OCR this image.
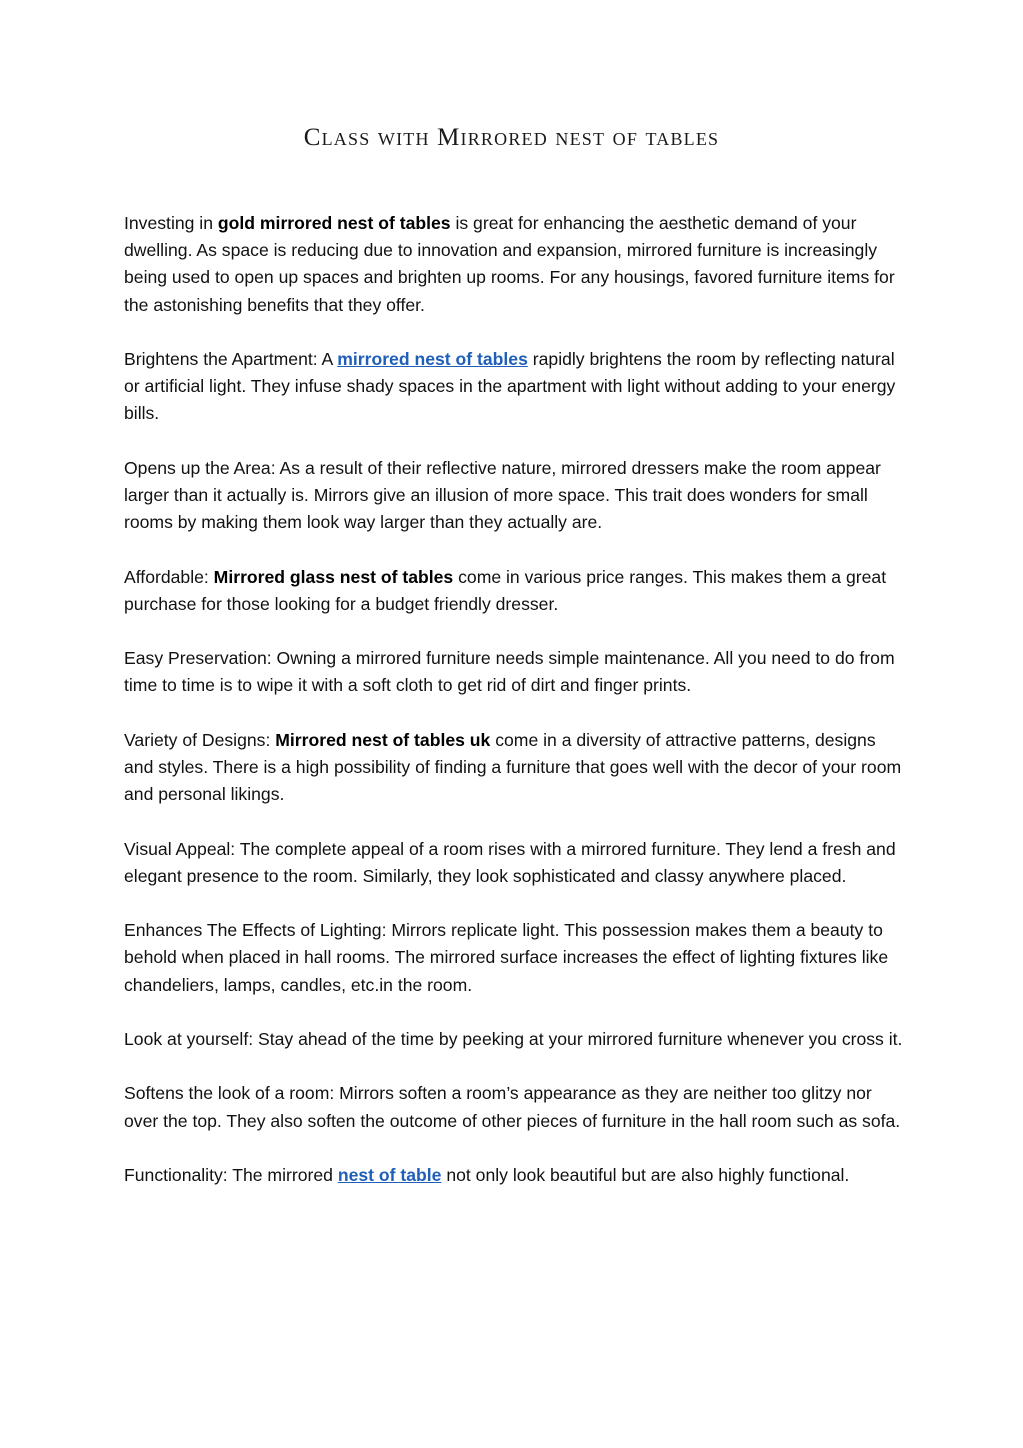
Class with Mirrored nest of tables

Investing in gold mirrored nest of tables is great for enhancing the aesthetic demand of your dwelling. As space is reducing due to innovation and expansion, mirrored furniture is increasingly being used to open up spaces and brighten up rooms. For any housings, favored furniture items for the astonishing benefits that they offer.

Brightens the Apartment: A mirrored nest of tables rapidly brightens the room by reflecting natural or artificial light. They infuse shady spaces in the apartment with light without adding to your energy bills.

Opens up the Area: As a result of their reflective nature, mirrored dressers make the room appear larger than it actually is. Mirrors give an illusion of more space. This trait does wonders for small rooms by making them look way larger than they actually are.

Affordable: Mirrored glass nest of tables come in various price ranges. This makes them a great purchase for those looking for a budget friendly dresser.

Easy Preservation: Owning a mirrored furniture needs simple maintenance. All you need to do from time to time is to wipe it with a soft cloth to get rid of dirt and finger prints.

Variety of Designs: Mirrored nest of tables uk come in a diversity of attractive patterns, designs and styles. There is a high possibility of finding a furniture that goes well with the decor of your room and personal likings.

Visual Appeal: The complete appeal of a room rises with a mirrored furniture. They lend a fresh and elegant presence to the room. Similarly, they look sophisticated and classy anywhere placed.

Enhances The Effects of Lighting: Mirrors replicate light. This possession makes them a beauty to behold when placed in hall rooms. The mirrored surface increases the effect of lighting fixtures like chandeliers, lamps, candles, etc.in the room.

Look at yourself: Stay ahead of the time by peeking at your mirrored furniture whenever you cross it.

Softens the look of a room: Mirrors soften a room’s appearance as they are neither too glitzy nor over the top. They also soften the outcome of other pieces of furniture in the hall room such as sofa.

Functionality: The mirrored nest of table not only look beautiful but are also highly functional.
